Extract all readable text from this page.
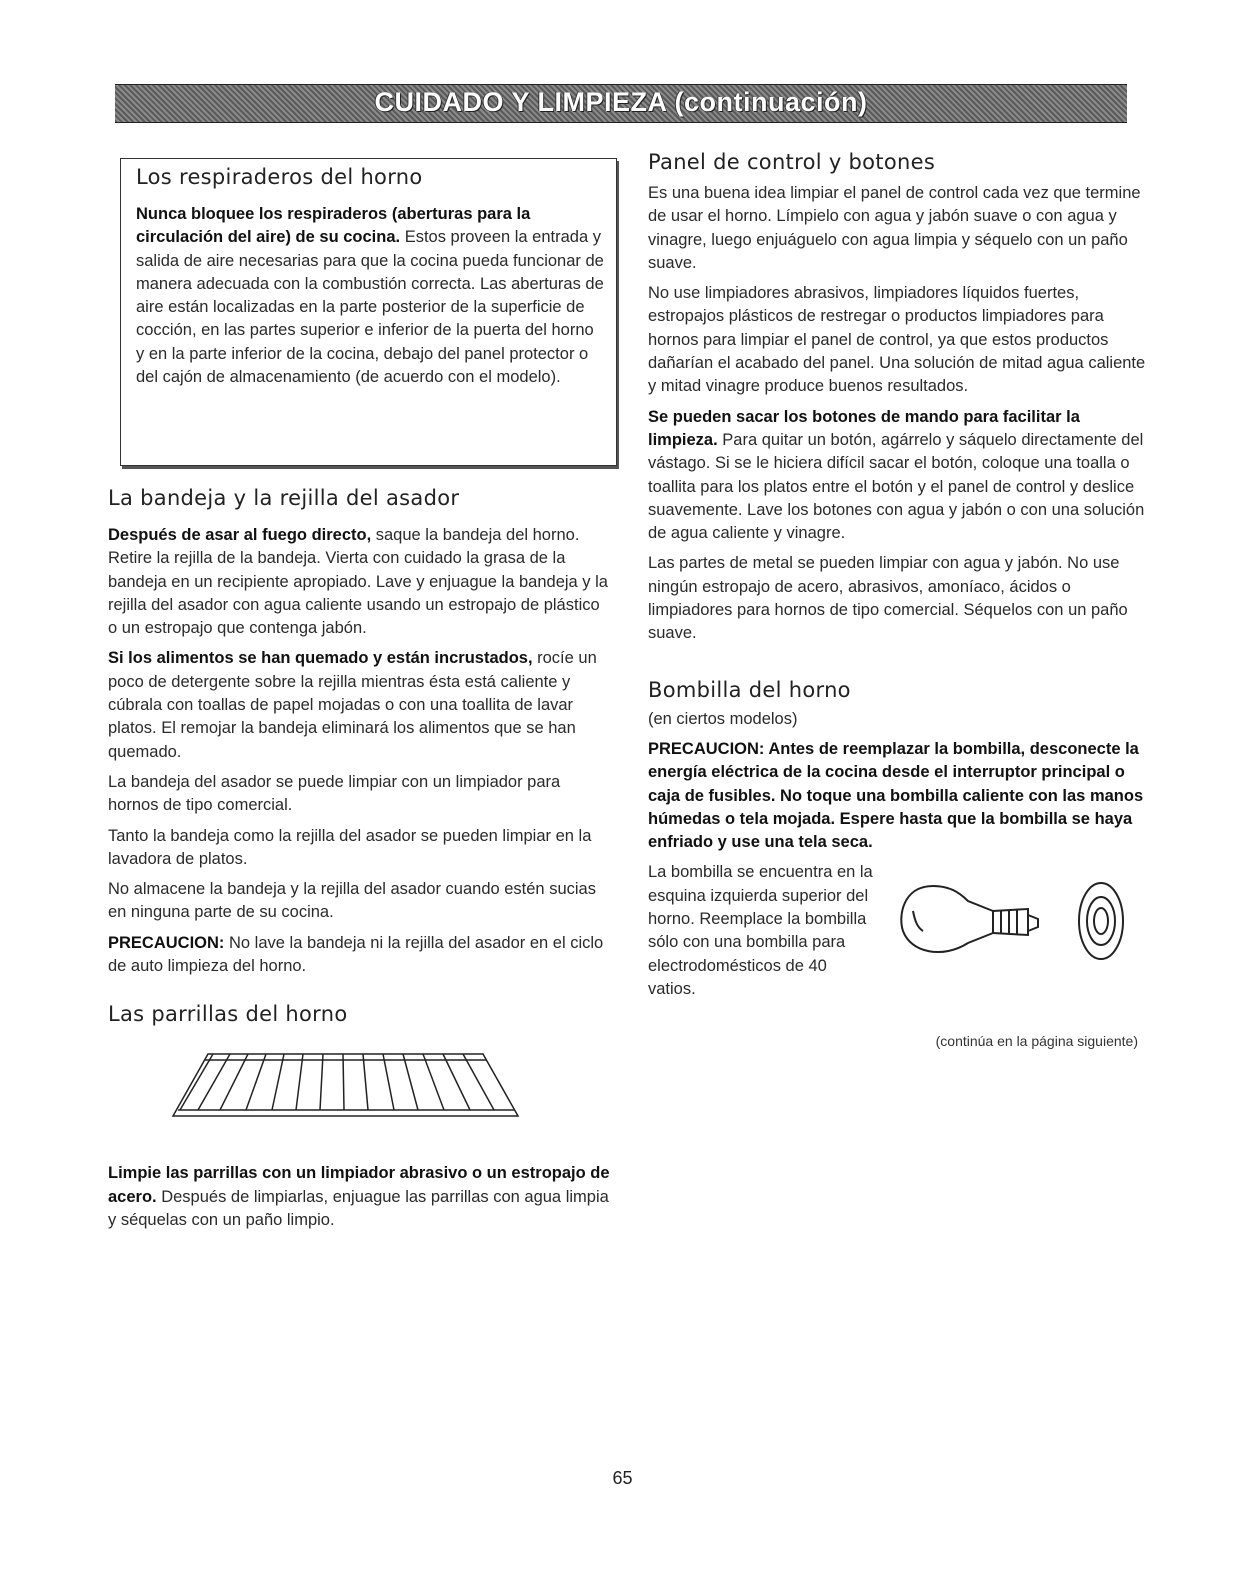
CUIDADO Y LIMPIEZA (continuación)
Los respiraderos del horno

Nunca bloquee los respiraderos (aberturas para la circulación del aire) de su cocina. Estos proveen la entrada y salida de aire necesarias para que la cocina pueda funcionar de manera adecuada con la combustión correcta. Las aberturas de aire están localizadas en la parte posterior de la superficie de cocción, en las partes superior e inferior de la puerta del horno y en la parte inferior de la cocina, debajo del panel protector o del cajón de almacenamiento (de acuerdo con el modelo).

La bandeja y la rejilla del asador

Después de asar al fuego directo, saque la bandeja del horno. Retire la rejilla de la bandeja. Vierta con cuidado la grasa de la bandeja en un recipiente apropiado. Lave y enjuague la bandeja y la rejilla del asador con agua caliente usando un estropajo de plástico o un estropajo que contenga jabón.

Si los alimentos se han quemado y están incrustados, rocíe un poco de detergente sobre la rejilla mientras ésta está caliente y cúbrala con toallas de papel mojadas o con una toallita de lavar platos. El remojar la bandeja eliminará los alimentos que se han quemado.

La bandeja del asador se puede limpiar con un limpiador para hornos de tipo comercial.

Tanto la bandeja como la rejilla del asador se pueden limpiar en la lavadora de platos.

No almacene la bandeja y la rejilla del asador cuando estén sucias en ninguna parte de su cocina.

PRECAUCION: No lave la bandeja ni la rejilla del asador en el ciclo de auto limpieza del horno.

Las parrillas del horno

Limpie las parrillas con un limpiador abrasivo o un estropajo de acero. Después de limpiarlas, enjuague las parrillas con agua limpia y séquelas con un paño limpio.

Panel de control y botones

Es una buena idea limpiar el panel de control cada vez que termine de usar el horno. Límpielo con agua y jabón suave o con agua y vinagre, luego enjuáguelo con agua limpia y séquelo con un paño suave.

No use limpiadores abrasivos, limpiadores líquidos fuertes, estropajos plásticos de restregar o productos limpiadores para hornos para limpiar el panel de control, ya que estos productos dañarían el acabado del panel. Una solución de mitad agua caliente y mitad vinagre produce buenos resultados.

Se pueden sacar los botones de mando para facilitar la limpieza. Para quitar un botón, agárrelo y sáquelo directamente del vástago. Si se le hiciera difícil sacar el botón, coloque una toalla o toallita para los platos entre el botón y el panel de control y deslice suavemente. Lave los botones con agua y jabón o con una solución de agua caliente y vinagre.

Las partes de metal se pueden limpiar con agua y jabón. No use ningún estropajo de acero, abrasivos, amoníaco, ácidos o limpiadores para hornos de tipo comercial. Séquelos con un paño suave.

Bombilla del horno

(en ciertos modelos)

PRECAUCION: Antes de reemplazar la bombilla, desconecte la energía eléctrica de la cocina desde el interruptor principal o caja de fusibles. No toque una bombilla caliente con las manos húmedas o tela mojada. Espere hasta que la bombilla se haya enfriado y use una tela seca.

La bombilla se encuentra en la esquina izquierda superior del horno. Reemplace la bombilla sólo con una bombilla para electrodomésticos de 40 vatios.

(continúa en la página siguiente)
65
